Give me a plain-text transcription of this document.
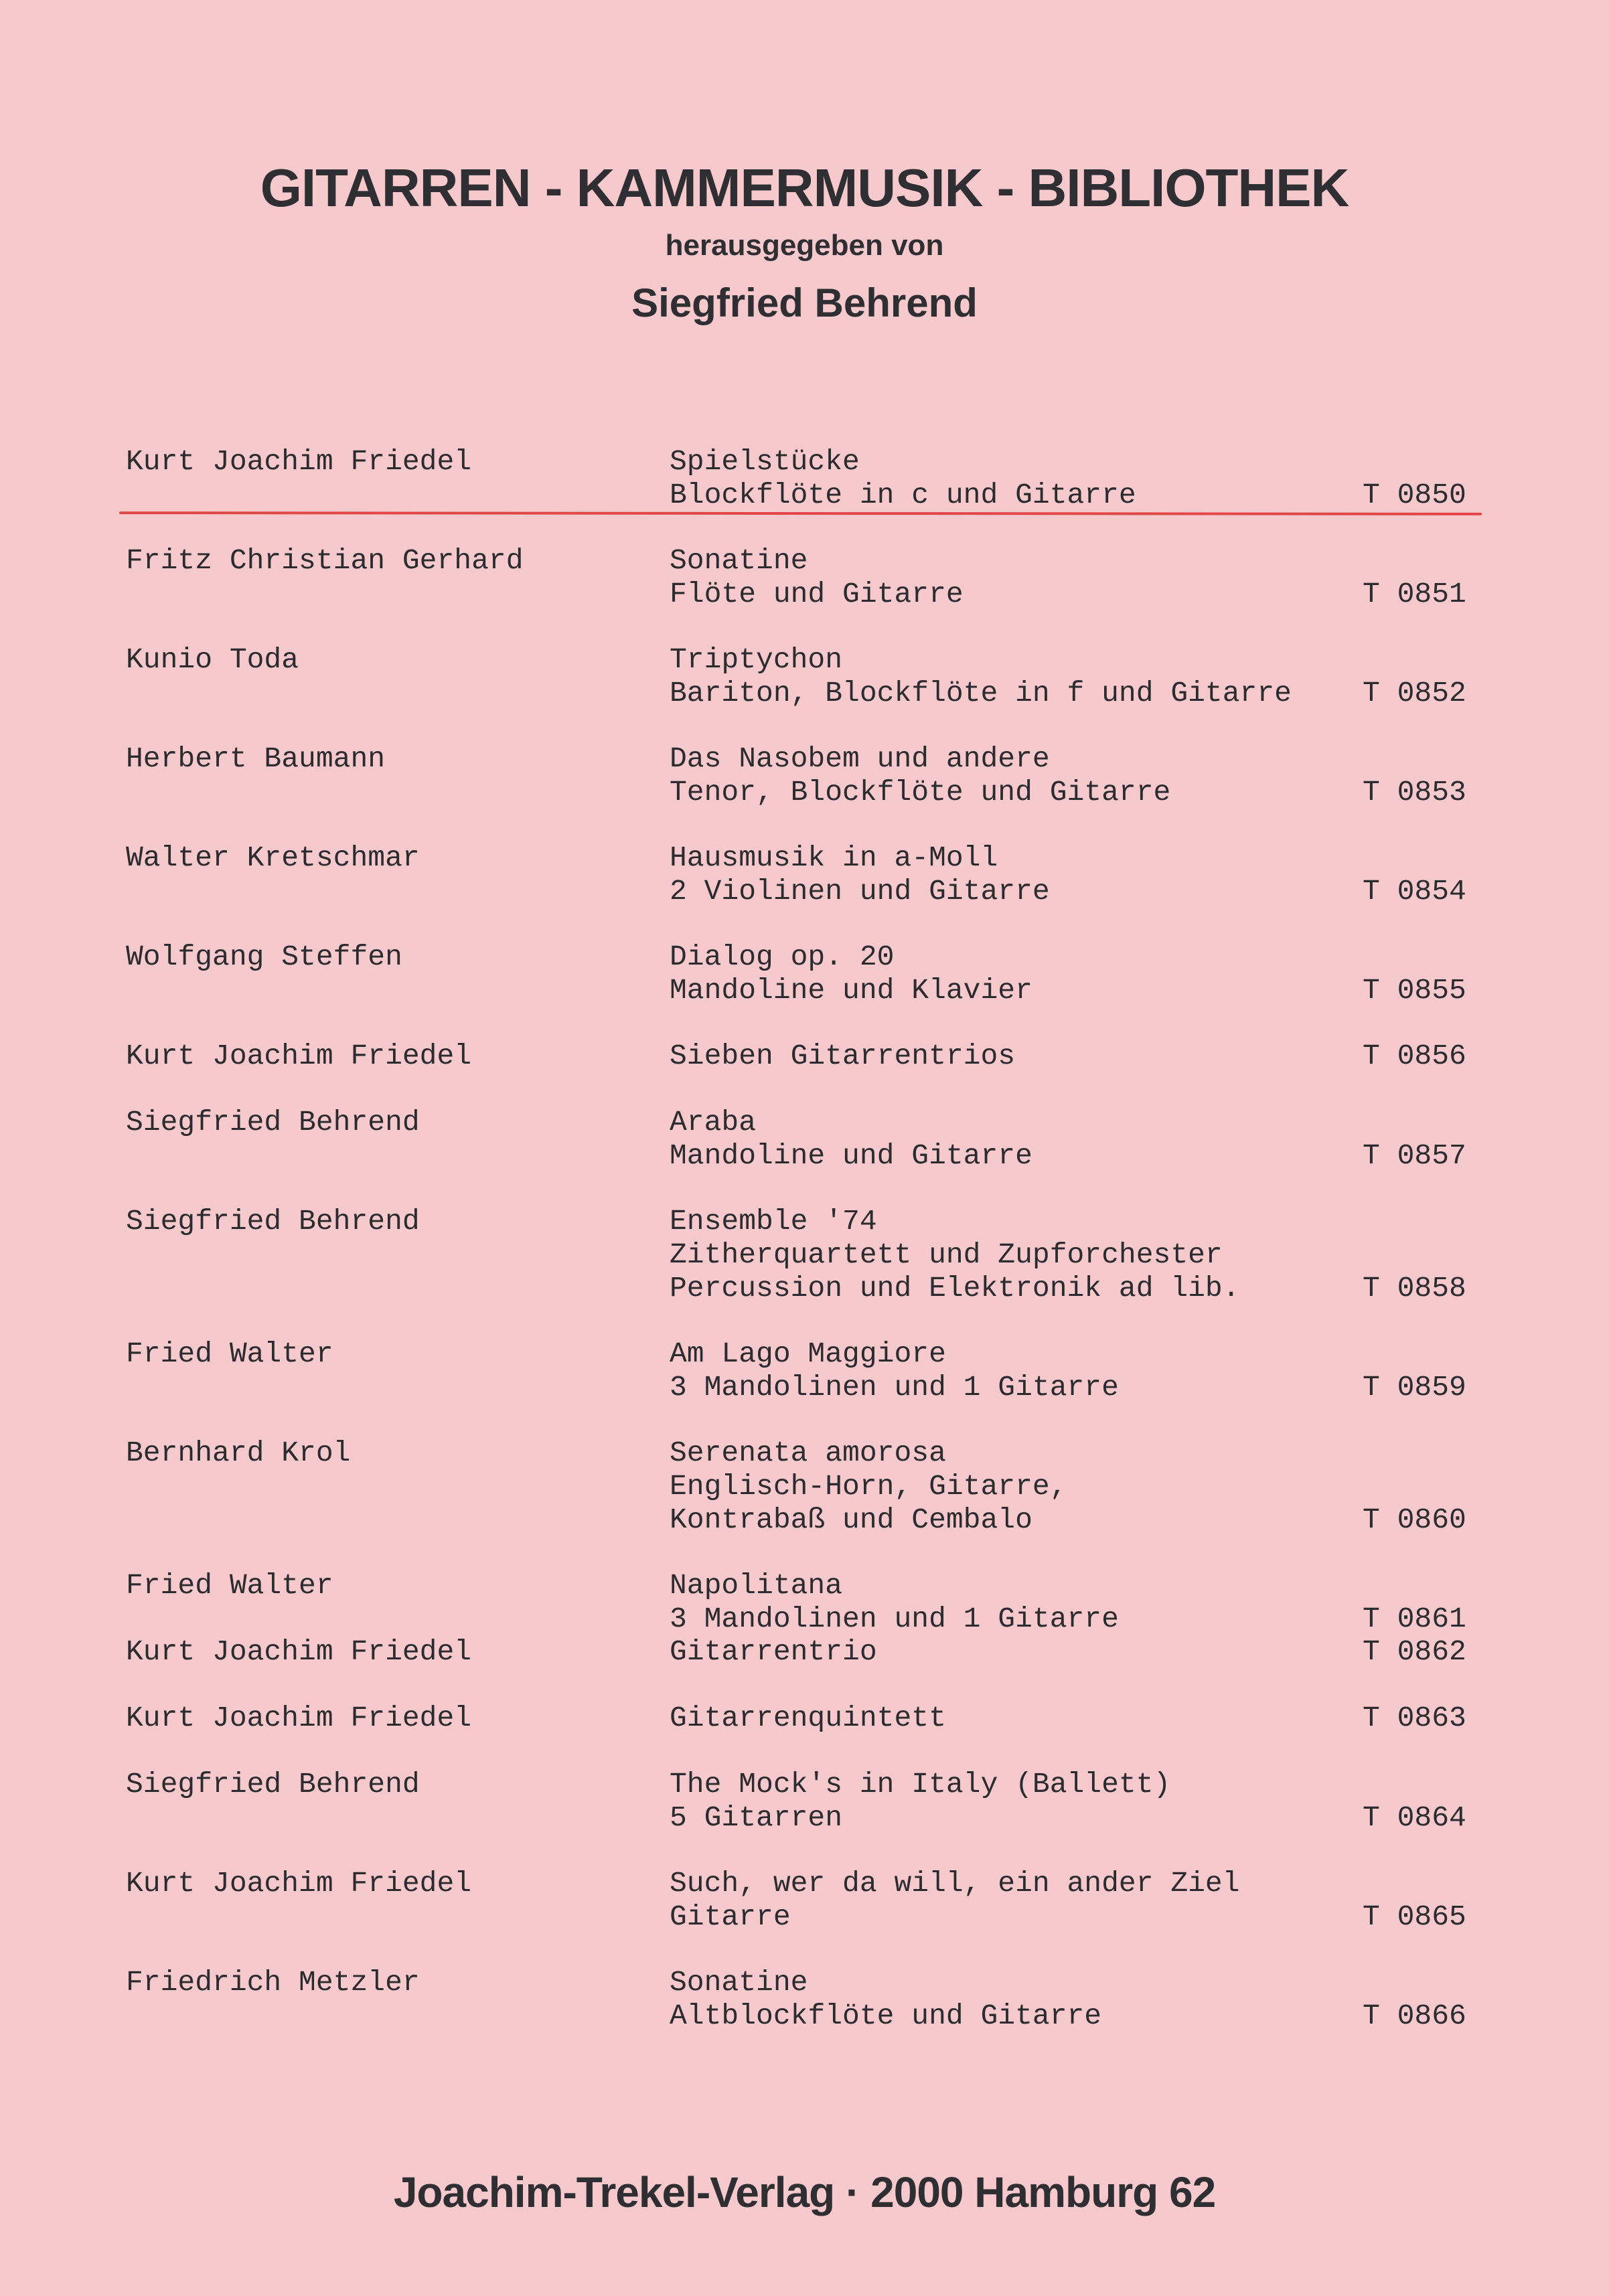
GITARREN - KAMMERMUSIK - BIBLIOTHEK
herausgegeben von
Siegfried Behrend
Kurt Joachim Friedel	Spielstücke
Blockflöte in c und Gitarre	T 0850
Fritz Christian Gerhard	Sonatine
Flöte und Gitarre	T 0851
Kunio Toda	Triptychon
Bariton, Blockflöte in f und Gitarre	T 0852
Herbert Baumann	Das Nasobem und andere
Tenor, Blockflöte und Gitarre	T 0853
Walter Kretschmar	Hausmusik in a-Moll
2 Violinen und Gitarre	T 0854
Wolfgang Steffen	Dialog op. 20
Mandoline und Klavier	T 0855
Kurt Joachim Friedel	Sieben Gitarrentrios	T 0856
Siegfried Behrend	Araba
Mandoline und Gitarre	T 0857
Siegfried Behrend	Ensemble '74
Zitherquartett und Zupforchester
Percussion und Elektronik ad lib.	T 0858
Fried Walter	Am Lago Maggiore
3 Mandolinen und 1 Gitarre	T 0859
Bernhard Krol	Serenata amorosa
Englisch-Horn, Gitarre,
Kontrabaß und Cembalo	T 0860
Fried Walter	Napolitana
3 Mandolinen und 1 Gitarre	T 0861
Kurt Joachim Friedel	Gitarrentrio	T 0862
Kurt Joachim Friedel	Gitarrenquintett	T 0863
Siegfried Behrend	The Mock's in Italy (Ballett)
5 Gitarren	T 0864
Kurt Joachim Friedel	Such, wer da will, ein ander Ziel
Gitarre	T 0865
Friedrich Metzler	Sonatine
Altblockflöte und Gitarre	T 0866
Joachim-Trekel-Verlag · 2000 Hamburg 62
